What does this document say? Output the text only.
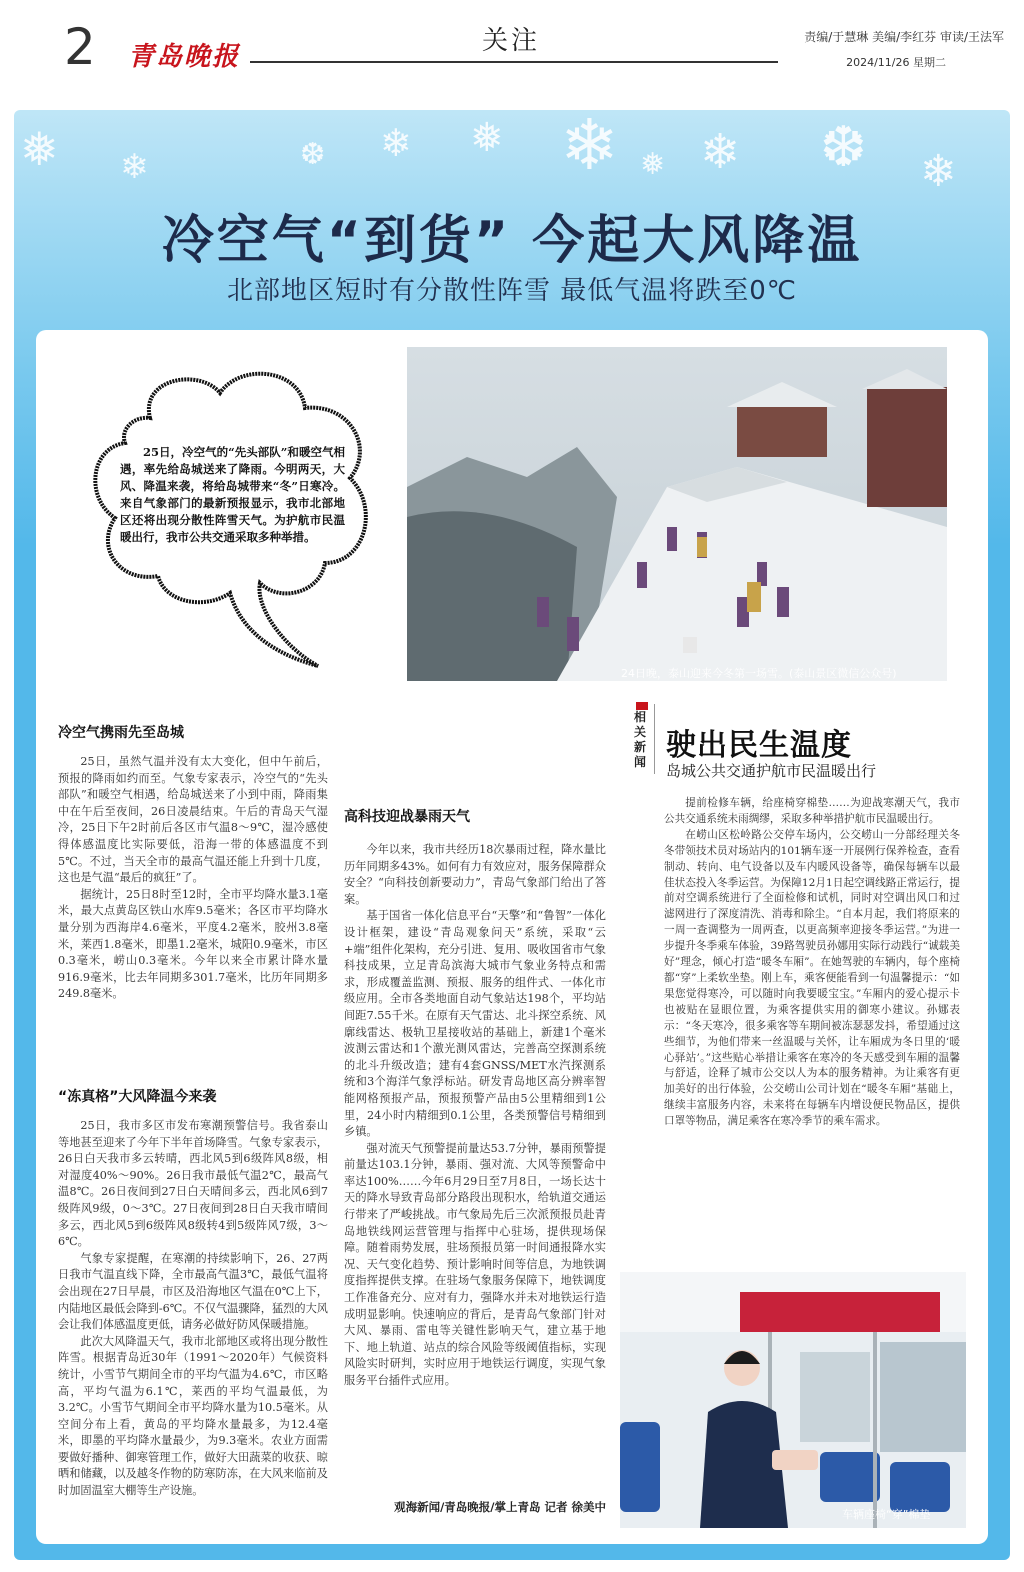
2 青岛晚报
关注	责编/于慧琳 美编/李红芬 审读/王法军
2024/11/26 星期二
❄ ❄
❅	❆ ❄
❅ ❄	❆ ❄	❅
冷空气“到货” 今起大风降温
北部地区短时有分散性阵雪 最低气温将跌至0℃
25日，冷空气的“先头部队”和暖空气相遇，率先给岛城送来了降雨。今明两天，大风、降温来袭，将给岛城带来“冬”日寒冷。来自气象部门的最新预报显示，我市北部地区还将出现分散性阵雪天气。为护航市民温暖出行，我市公共交通采取多种举措。
24日晚，泰山迎来今冬第一场雪。(泰山景区微信公众号)
冷空气携雨先至岛城

25日，虽然气温并没有太大变化，但中午前后，预报的降雨如约而至。气象专家表示，冷空气的“先头部队”和暖空气相遇，给岛城送来了小到中雨，降雨集中在午后至夜间，26日凌晨结束。午后的青岛天气湿冷，25日下午2时前后各区市气温8～9℃，湿冷感使得体感温度比实际要低，沿海一带的体感温度不到5℃。不过，当天全市的最高气温还能上升到十几度，这也是气温“最后的疯狂”了。

据统计，25日8时至12时，全市平均降水量3.1毫米，最大点黄岛区铁山水库9.5毫米；各区市平均降水量分别为西海岸4.6毫米，平度4.2毫米，胶州3.8毫米，莱西1.8毫米，即墨1.2毫米，城阳0.9毫米，市区0.3毫米，崂山0.3毫米。今年以来全市累计降水量916.9毫米，比去年同期多301.7毫米，比历年同期多249.8毫米。

“冻真格”大风降温今来袭

25日，我市多区市发布寒潮预警信号。我省泰山等地甚至迎来了今年下半年首场降雪。气象专家表示，26日白天我市多云转晴，西北风5到6级阵风8级，相对湿度40%～90%。26日我市最低气温2℃，最高气温8℃。26日夜间到27日白天晴间多云，西北风6到7级阵风9级，0～3℃。27日夜间到28日白天我市晴间多云，西北风5到6级阵风8级转4到5级阵风7级，3～6℃。

气象专家提醒，在寒潮的持续影响下，26、27两日我市气温直线下降，全市最高气温3℃，最低气温将会出现在27日早晨，市区及沿海地区气温在0℃上下，内陆地区最低会降到-6℃。不仅气温骤降，猛烈的大风会让我们体感温度更低，请务必做好防风保暖措施。

此次大风降温天气，我市北部地区或将出现分散性阵雪。根据青岛近30年（1991～2020年）气候资料统计，小雪节气期间全市的平均气温为4.6℃，市区略高，平均气温为6.1℃，莱西的平均气温最低，为3.2℃。小雪节气期间全市平均降水量为10.5毫米。从空间分布上看，黄岛的平均降水量最多，为12.4毫米，即墨的平均降水量最少，为9.3毫米。农业方面需要做好播种、御寒管理工作，做好大田蔬菜的收获、晾晒和储藏，以及越冬作物的防寒防冻，在大风来临前及时加固温室大棚等生产设施。

高科技迎战暴雨天气

今年以来，我市共经历18次暴雨过程，降水量比历年同期多43%。如何有力有效应对，服务保障群众安全？“向科技创新要动力”，青岛气象部门给出了答案。

基于国省一体化信息平台“天擎”和“鲁智”一体化设计框架，建设“青岛观象问天”系统，采取“云+端”组件化架构，充分引进、复用、吸收国省市气象科技成果，立足青岛滨海大城市气象业务特点和需求，形成覆盖监测、预报、服务的组件式、一体化市级应用。全市各类地面自动气象站达198个，平均站间距7.55千米。在原有天气雷达、北斗探空系统、风廓线雷达、极轨卫星接收站的基础上，新建1个毫米波测云雷达和1个激光测风雷达，完善高空探测系统的北斗升级改造；建有4套GNSS/MET水汽探测系统和3个海洋气象浮标站。研发青岛地区高分辨率智能网格预报产品，预报预警产品由5公里精细到1公里，24小时内精细到0.1公里，各类预警信号精细到乡镇。

强对流天气预警提前量达53.7分钟，暴雨预警提前量达103.1分钟，暴雨、强对流、大风等预警命中率达100%……今年6月29日至7月8日，一场长达十天的降水导致青岛部分路段出现积水，给轨道交通运行带来了严峻挑战。市气象局先后三次派预报员赴青岛地铁线网运营管理与指挥中心驻场，提供现场保障。随着雨势发展，驻场预报员第一时间通报降水实况、天气变化趋势、预计影响时间等信息，为地铁调度指挥提供支撑。在驻场气象服务保障下，地铁调度工作准备充分、应对有力，强降水并未对地铁运行造成明显影响。快速响应的背后，是青岛气象部门针对大风、暴雨、雷电等关键性影响天气，建立基于地下、地上轨道、站点的综合风险等级阈值指标，实现风险实时研判，实时应用于地铁运行调度，实现气象服务平台插件式应用。

观海新闻/青岛晚报/掌上青岛 记者 徐美中
相关新闻 驶出民生温度
岛城公共交通护航市民温暖出行

提前检修车辆，给座椅穿棉垫……为迎战寒潮天气，我市公共交通系统未雨绸缪，采取多种举措护航市民温暖出行。

在崂山区松岭路公交停车场内，公交崂山一分部经理关冬冬带领技术员对场站内的101辆车逐一开展例行保养检查，查看制动、转向、电气设备以及车内暖风设备等，确保每辆车以最佳状态投入冬季运营。为保障12月1日起空调线路正常运行，提前对空调系统进行了全面检修和试机，同时对空调出风口和过滤网进行了深度清洗、消毒和除尘。“自本月起，我们将原来的一周一查调整为一周两查，以更高频率迎接冬季运营。”为进一步提升冬季乘车体验，39路驾驶员孙娜用实际行动践行“诚载美好”理念，倾心打造“暖冬车厢”。在她驾驶的车辆内，每个座椅都“穿”上柔软坐垫。刚上车，乘客便能看到一句温馨提示：“如果您觉得寒冷，可以随时向我要暖宝宝。”车厢内的爱心提示卡也被贴在显眼位置，为乘客提供实用的御寒小建议。孙娜表示：“冬天寒冷，很多乘客等车期间被冻瑟瑟发抖，希望通过这些细节，为他们带来一丝温暖与关怀，让车厢成为冬日里的‘暖心驿站’。”这些贴心举措让乘客在寒冷的冬天感受到车厢的温馨与舒适，诠释了城市公交以人为本的服务精神。为让乘客有更加美好的出行体验，公交崂山公司计划在“暖冬车厢”基础上，继续丰富服务内容，未来将在每辆车内增设便民物品区，提供口罩等物品，满足乘客在寒冷季节的乘车需求。

车辆座椅“穿”棉垫
